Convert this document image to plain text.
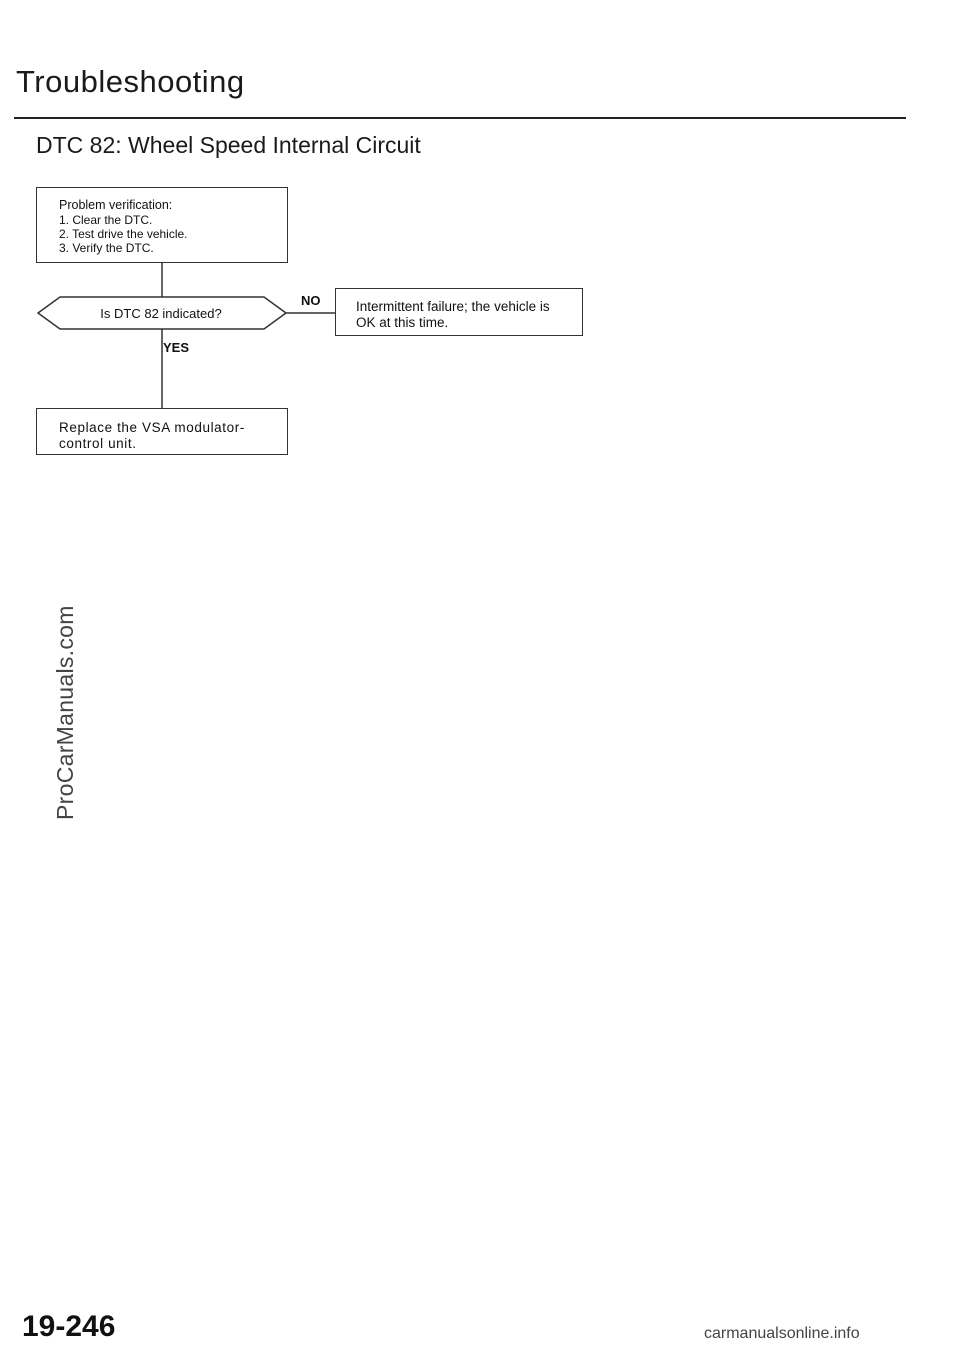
Troubleshooting
DTC 82: Wheel Speed Internal Circuit
Problem verification:
1. Clear the DTC.
2. Test drive the vehicle.
3. Verify the DTC.
Is DTC 82 indicated?
NO
YES
Intermittent failure; the vehicle is
OK at this time.
Replace the VSA modulator-
control unit.
ProCarManuals.com
19-246	carmanualsonline.info
